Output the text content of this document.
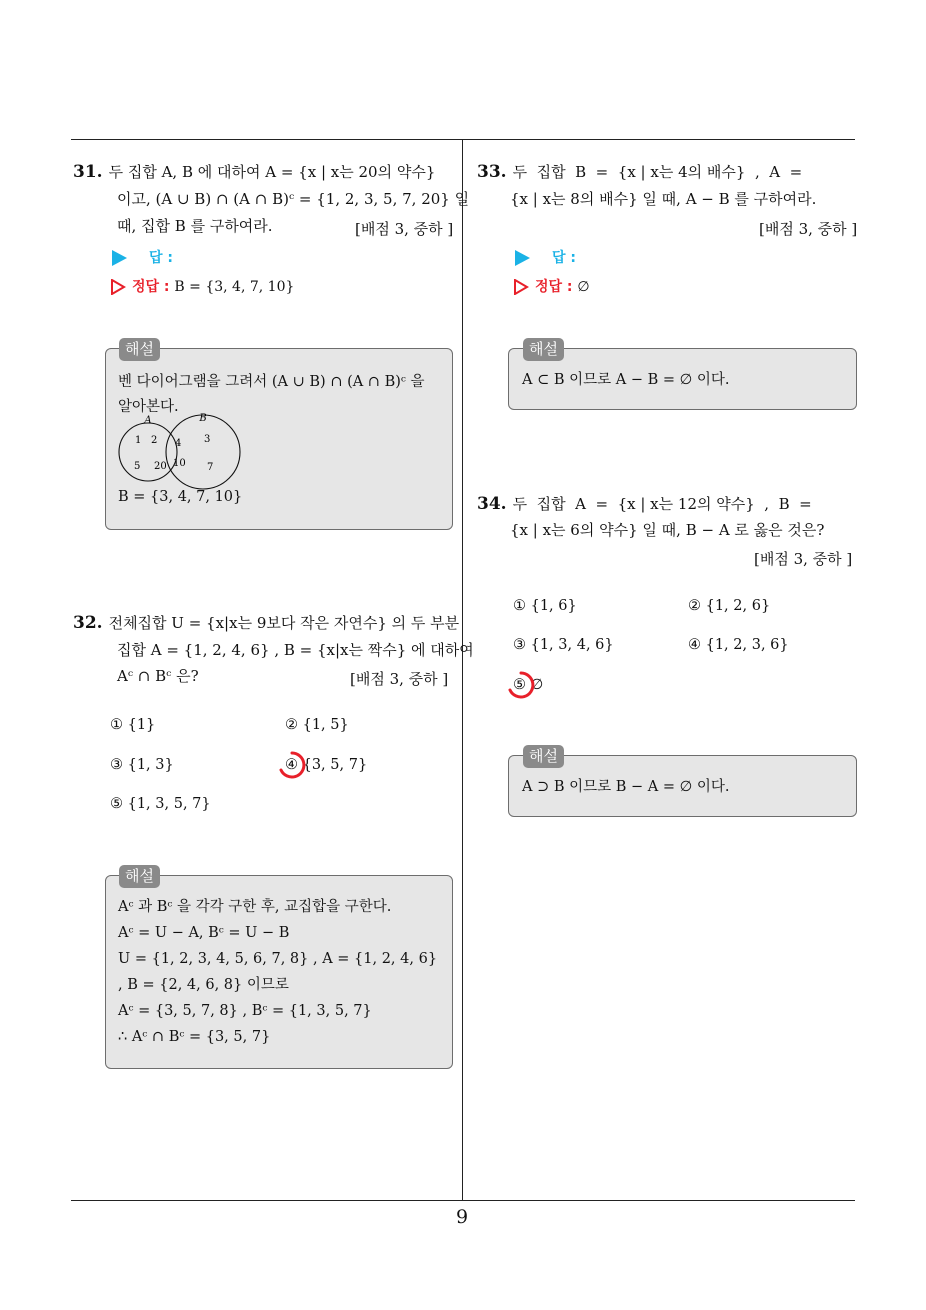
31. 두 집합 A, B 에 대하여 A = {x | x는 20의 약수}
이고, (A ∪ B) ∩ (A ∩ B)ᶜ = {1, 2, 3, 5, 7, 20} 일
때, 집합 B 를 구하여라.	[배점 3, 중하 ]
답 :
정답 : B = {3, 4, 7, 10}
해설
벤 다이어그램을 그려서 (A ∪ B) ∩ (A ∩ B)ᶜ 을
알아본다.
A	B
1 2
5 20
4
10
3
7
B = {3, 4, 7, 10}
32. 전체집합 U = {x|x는 9보다 작은 자연수} 의 두 부분
집합 A = {1, 2, 4, 6} , B = {x|x는 짝수} 에 대하여
Aᶜ ∩ Bᶜ 은?	[배점 3, 중하 ]
① {1}	② {1, 5}
③ {1, 3}	④ {3, 5, 7}
⑤ {1, 3, 5, 7}
해설
Aᶜ 과 Bᶜ 을 각각 구한 후, 교집합을 구한다.
Aᶜ = U − A, Bᶜ = U − B
U = {1, 2, 3, 4, 5, 6, 7, 8} , A = {1, 2, 4, 6}
, B = {2, 4, 6, 8} 이므로
Aᶜ = {3, 5, 7, 8} , Bᶜ = {1, 3, 5, 7}
∴ Aᶜ ∩ Bᶜ = {3, 5, 7}
33. 두  집합  B  =  {x | x는 4의 배수}  ,  A  =
{x | x는 8의 배수} 일 때, A − B 를 구하여라.
[배점 3, 중하 ]
답 :
정답 : ∅
해설
A ⊂ B 이므로 A − B = ∅ 이다.
34. 두  집합  A  =  {x | x는 12의 약수}  ,  B  =
{x | x는 6의 약수} 일 때, B − A 로 옳은 것은?
[배점 3, 중하 ]
① {1, 6}	② {1, 2, 6}
③ {1, 3, 4, 6}	④ {1, 2, 3, 6}
⑤ ∅
해설
A ⊃ B 이므로 B − A = ∅ 이다.
9
